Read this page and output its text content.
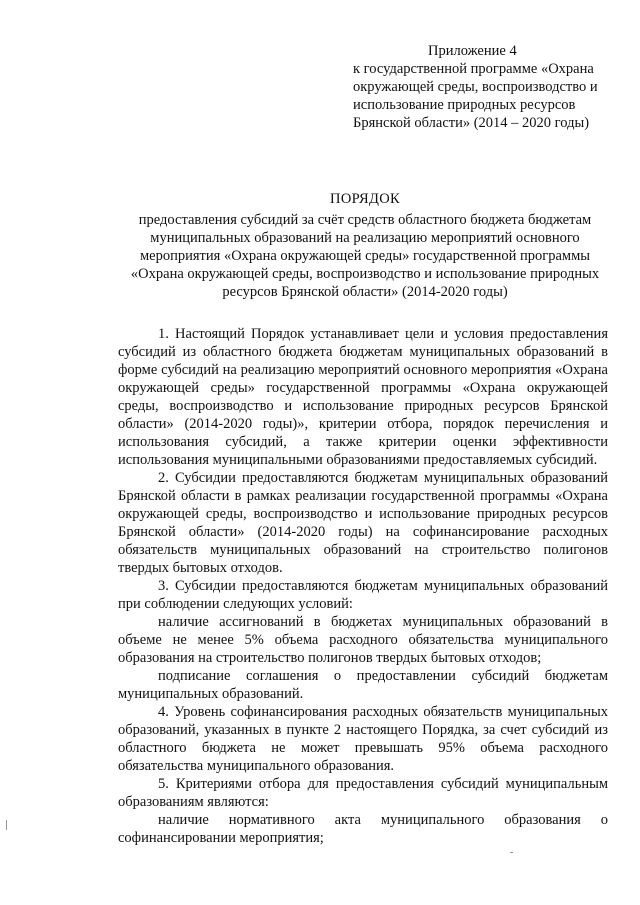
Приложение 4
к государственной программе «Охрана окружающей среды, воспроизводство и использование природных ресурсов Брянской области» (2014 – 2020 годы)
ПОРЯДОК
предоставления субсидий за счёт средств областного бюджета бюджетам муниципальных образований на реализацию мероприятий основного мероприятия «Охрана окружающей среды» государственной программы «Охрана окружающей среды, воспроизводство и использование природных ресурсов Брянской области» (2014-2020 годы)

1. Настоящий Порядок устанавливает цели и условия предоставления субсидий из областного бюджета бюджетам муниципальных образований в форме субсидий на реализацию мероприятий основного мероприятия «Охрана окружающей среды» государственной программы «Охрана окружающей среды, воспроизводство и использование природных ресурсов Брянской области» (2014-2020 годы)», критерии отбора, порядок перечисления и использования субсидий, а также критерии оценки эффективности использования муниципальными образованиями предоставляемых субсидий.

2. Субсидии предоставляются бюджетам муниципальных образований Брянской области в рамках реализации государственной программы «Охрана окружающей среды, воспроизводство и использование природных ресурсов Брянской области» (2014-2020 годы) на софинансирование расходных обязательств муниципальных образований на строительство полигонов твердых бытовых отходов.

3. Субсидии предоставляются бюджетам муниципальных образований при соблюдении следующих условий:

наличие ассигнований в бюджетах муниципальных образований в объеме не менее 5% объема расходного обязательства муниципального образования на строительство полигонов твердых бытовых отходов;

подписание соглашения о предоставлении субсидий бюджетам муниципальных образований.

4. Уровень софинансирования расходных обязательств муниципальных образований, указанных в пункте 2 настоящего Порядка, за счет субсидий из областного бюджета не может превышать 95% объема расходного обязательства муниципального образования.

5. Критериями отбора для предоставления субсидий муниципальным образованиям являются:

наличие нормативного акта муниципального образования о софинансировании мероприятия;
